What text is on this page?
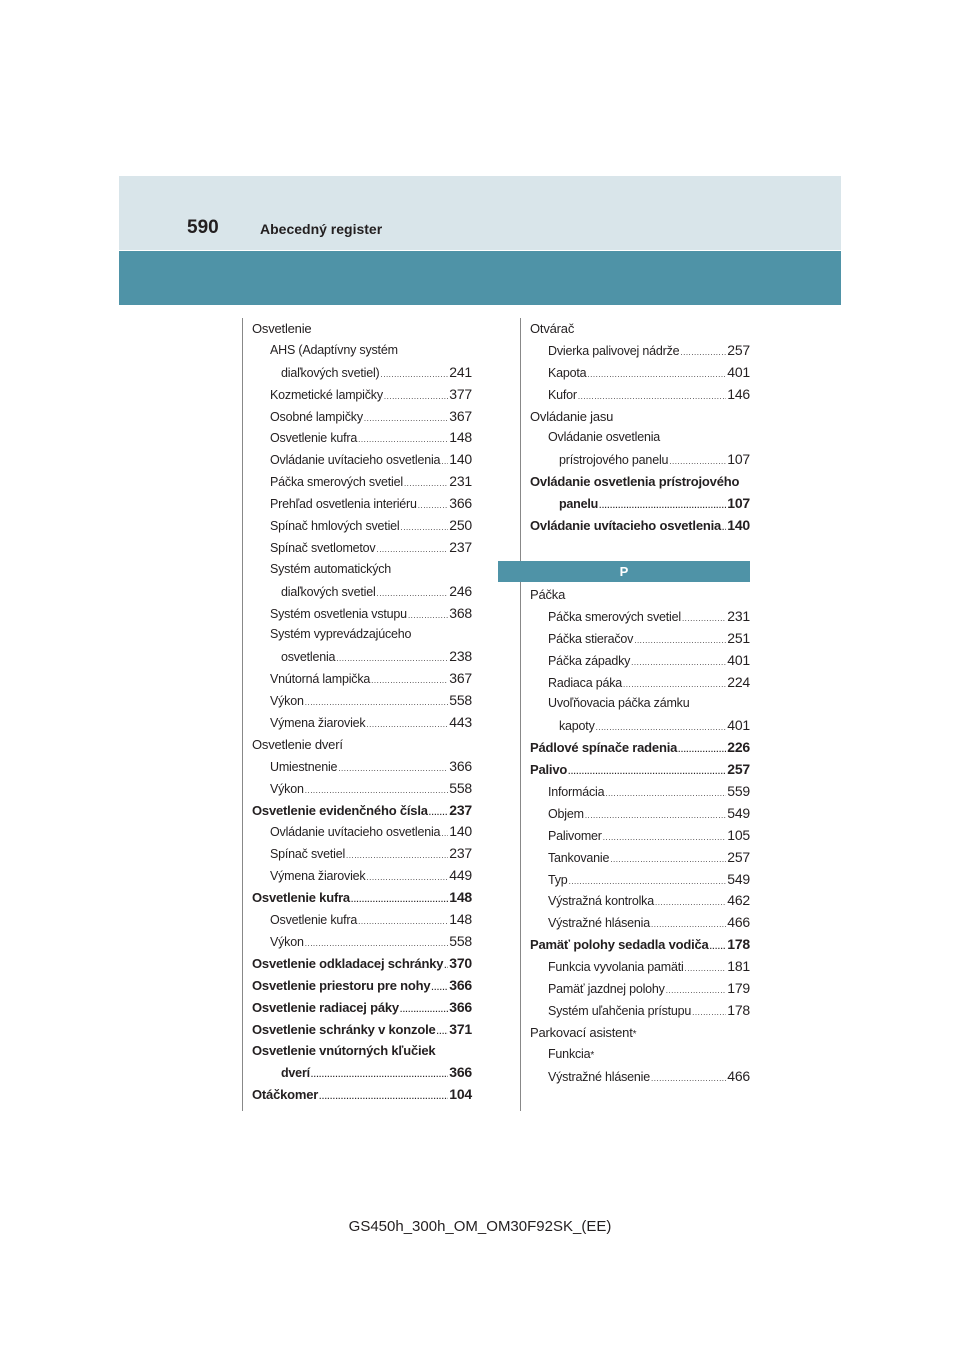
590	Abecedný register
Osvetlenie
AHS (Adaptívny systém
diaľkových svetiel) .....	241
Kozmetické lampičky .....	377
Osobné lampičky .....	367
Osvetlenie kufra .....	148
Ovládanie uvítacieho osvetlenia ..... 140
Páčka smerových svetiel .....	231
Prehľad osvetlenia interiéru ..... 366
Spínač hmlových svetiel .....	250
Spínač svetlometov .....	237
Systém automatických
diaľkových svetiel .....	246
Systém osvetlenia vstupu .....	368
Systém vyprevádzajúceho
osvetlenia .....	238
Vnútorná lampička .....	367
Výkon .....	558
Výmena žiaroviek .....	443
Osvetlenie dverí
Umiestnenie .....	366
Výkon .....	558
Osvetlenie evidenčného čísla ..... 237
Ovládanie uvítacieho osvetlenia ..... 140
Spínač svetiel .....	237
Výmena žiaroviek .....	449
Osvetlenie kufra .....	148
Osvetlenie kufra .....	148
Výkon .....	558
Osvetlenie odkladacej schránky ..... 370
Osvetlenie priestoru pre nohy ..... 366
Osvetlenie radiacej páky .....	366
Osvetlenie schránky v konzole ..... 371
Osvetlenie vnútorných kľučiek
dverí .....	366
Otáčkomer .....	104
Otvárač
Dvierka palivovej nádrže .....	257
Kapota .....	401
Kufor .....	146
Ovládanie jasu
Ovládanie osvetlenia
prístrojového panelu .....	107
Ovládanie osvetlenia prístrojového
panelu .....	107
Ovládanie uvítacieho osvetlenia ..... 140
P
Páčka
Páčka smerových svetiel .....	231
Páčka stieračov .....	251
Páčka západky .....	401
Radiaca páka .....	224
Uvoľňovacia páčka zámku
kapoty .....	401
Pádlové spínače radenia .....	226
Palivo .....	257
Informácia .....	559
Objem .....	549
Palivomer .....	105
Tankovanie .....	257
Typ .....	549
Výstražná kontrolka .....	462
Výstražné hlásenia .....	466
Pamäť polohy sedadla vodiča ..... 178
Funkcia vyvolania pamäti .....	181
Pamäť jazdnej polohy .....	179
Systém uľahčenia prístupu .....	178
Parkovací asistent *
Funkcia *
Výstražné hlásenie .....	466
GS450h_300h_OM_OM30F92SK_(EE)
